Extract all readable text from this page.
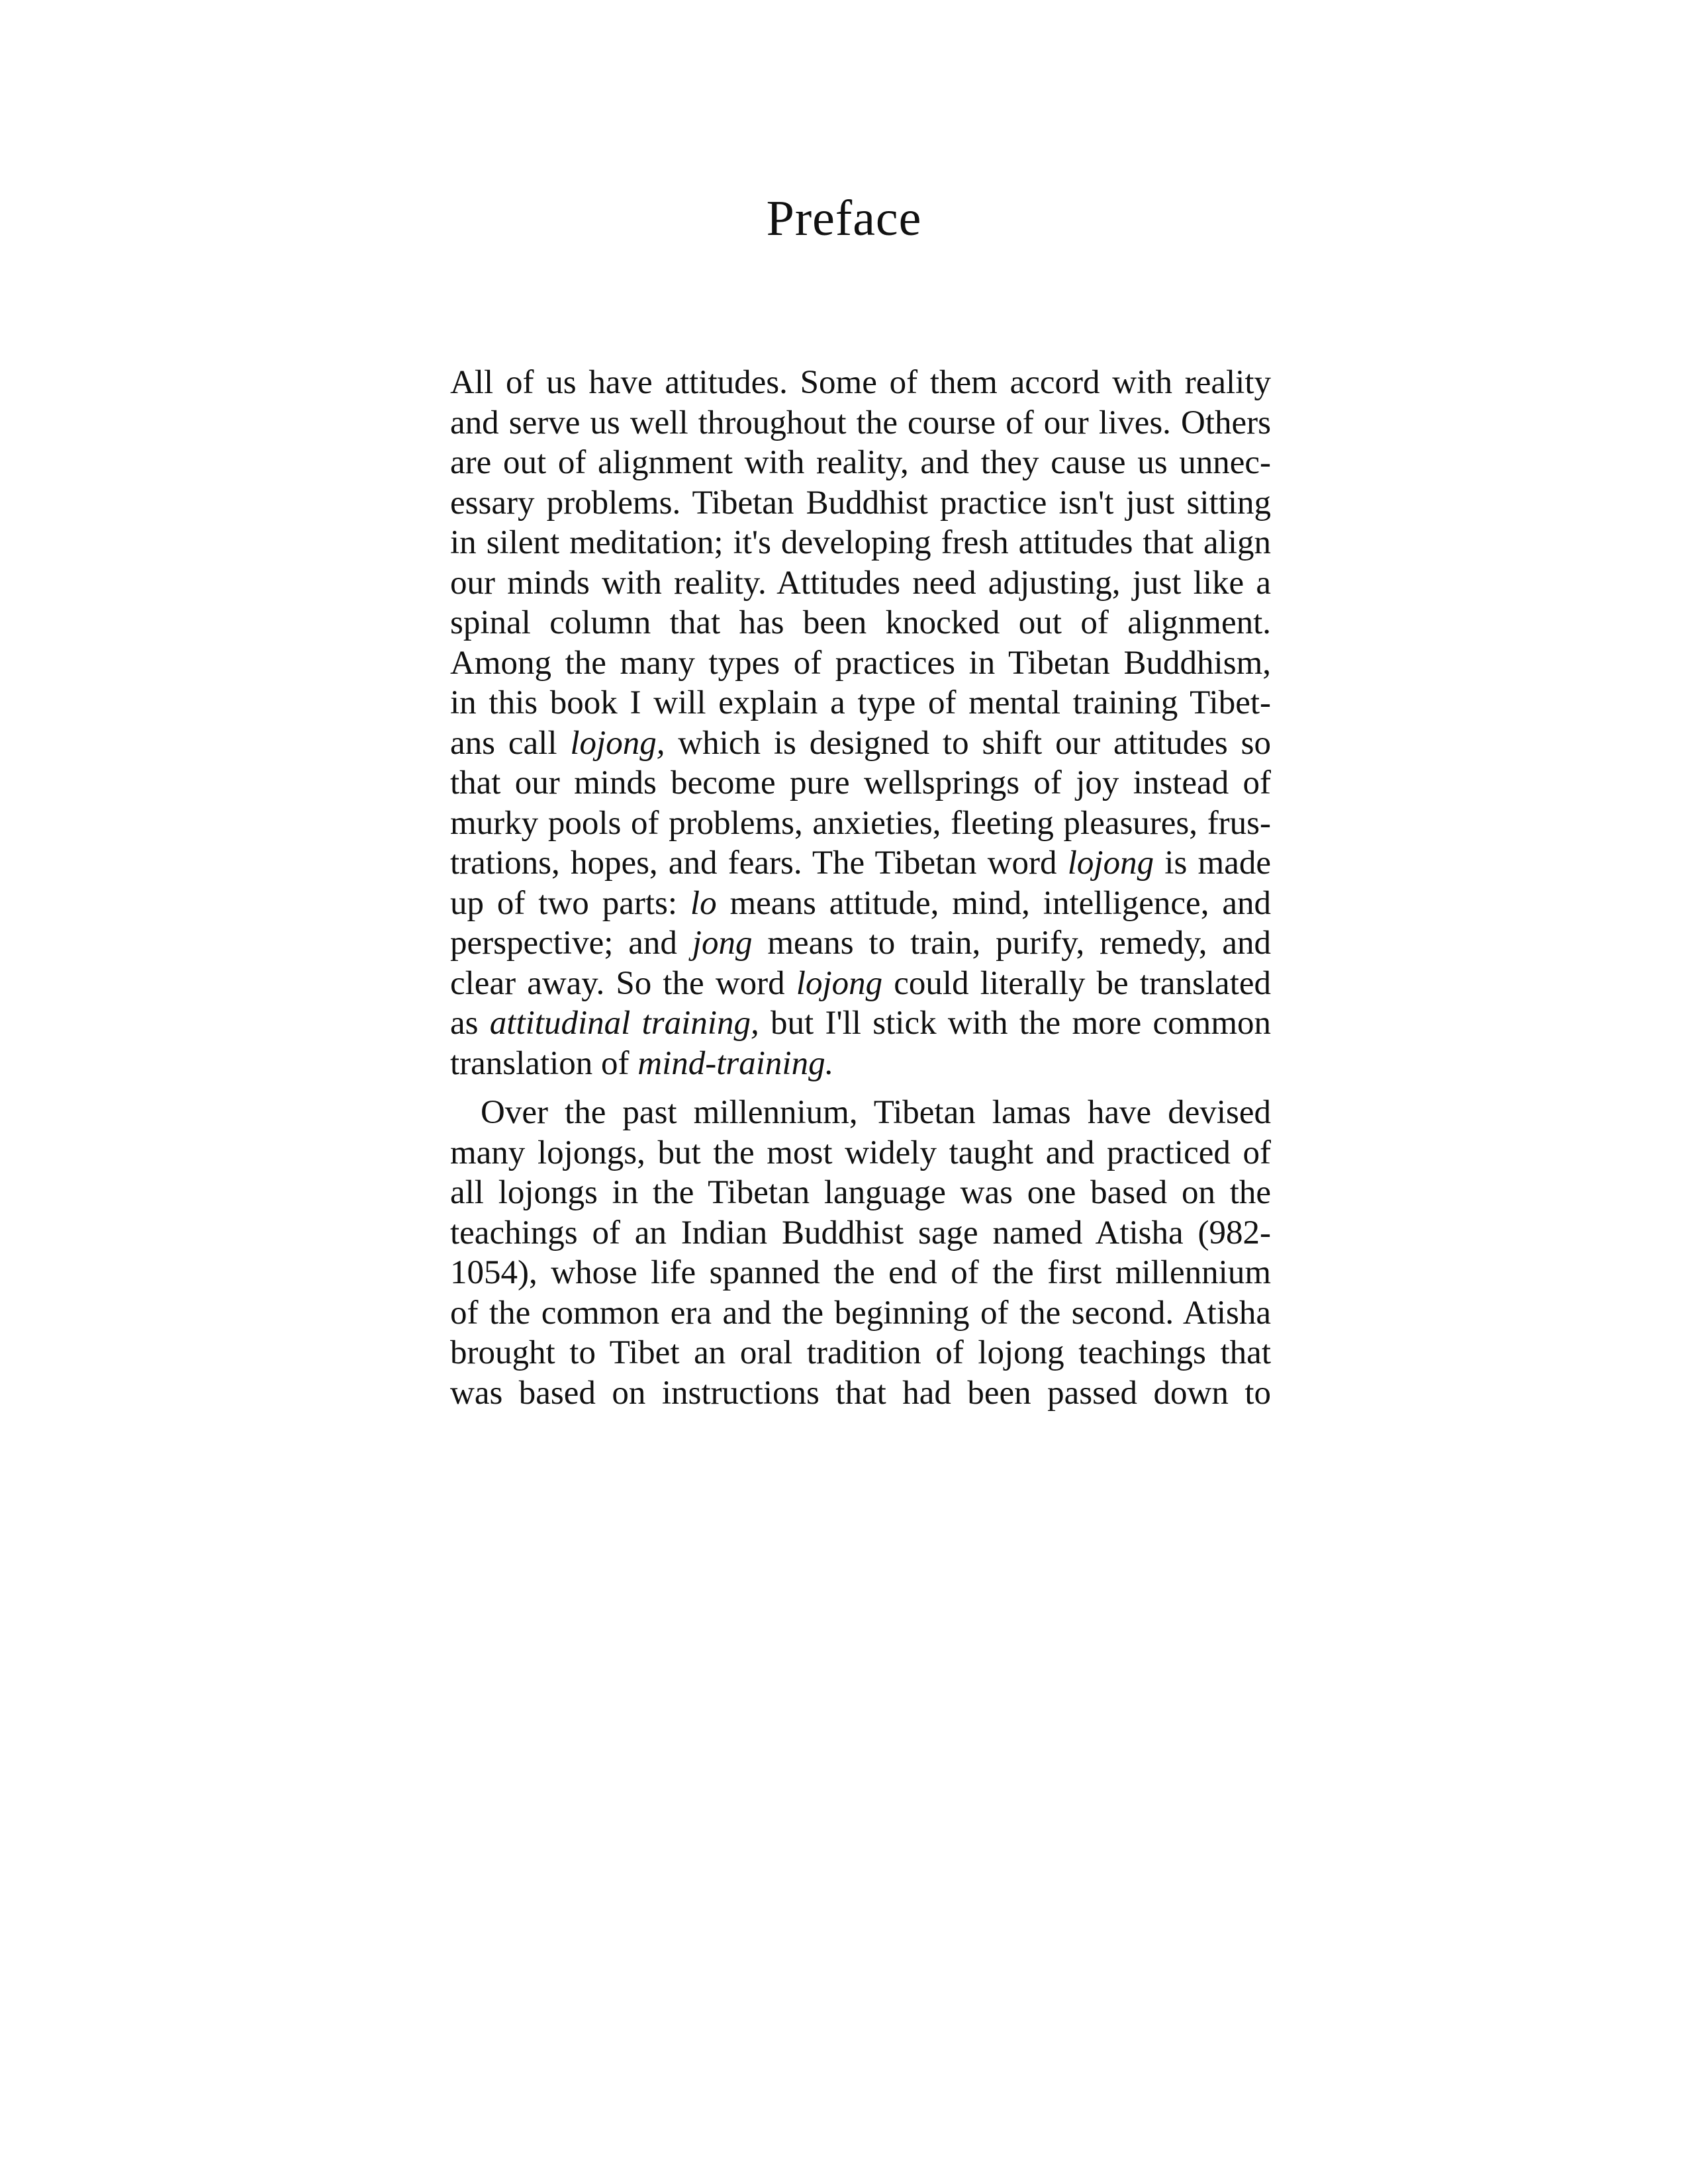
Preface
All of us have attitudes. Some of them accord with reality
and serve us well throughout the course of our lives. Others
are out of alignment with reality, and they cause us unnec-
essary problems. Tibetan Buddhist practice isn't just sitting
in silent meditation; it's developing fresh attitudes that align
our minds with reality. Attitudes need adjusting, just like a
spinal column that has been knocked out of alignment.
Among the many types of practices in Tibetan Buddhism,
in this book I will explain a type of mental training Tibet-
ans call lojong, which is designed to shift our attitudes so
that our minds become pure wellsprings of joy instead of
murky pools of problems, anxieties, fleeting pleasures, frus-
trations, hopes, and fears. The Tibetan word lojong is made
up of two parts: lo means attitude, mind, intelligence, and
perspective; and jong means to train, purify, remedy, and
clear away. So the word lojong could literally be translated
as attitudinal training, but I'll stick with the more common
translation of mind-training.
Over the past millennium, Tibetan lamas have devised
many lojongs, but the most widely taught and practiced of
all lojongs in the Tibetan language was one based on the
teachings of an Indian Buddhist sage named Atisha (982-
1054), whose life spanned the end of the first millennium
of the common era and the beginning of the second. Atisha
brought to Tibet an oral tradition of lojong teachings that
was based on instructions that had been passed down to
